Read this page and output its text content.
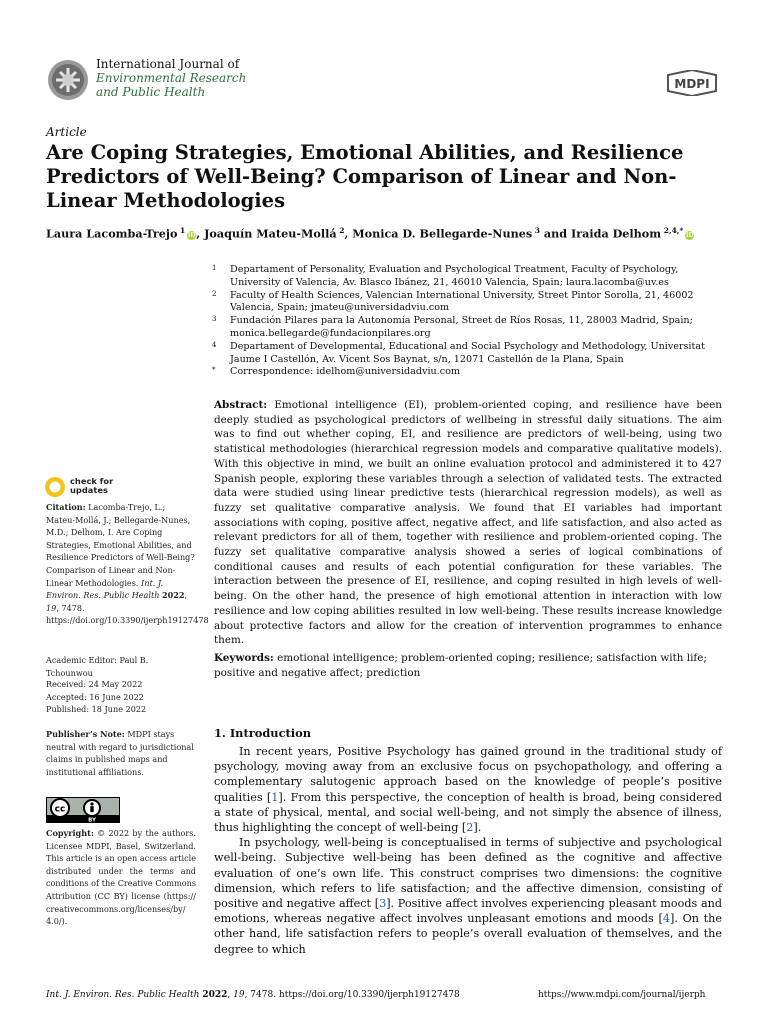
International Journal of
Environmental Research
and Public Health
MDPI
Article
Are Coping Strategies, Emotional Abilities, and Resilience Predictors of Well-Being? Comparison of Linear and Non-Linear Methodologies
Laura Lacomba-Trejo $^1$iD, Joaquín Mateu-Mollá $^2$, Monica D. Bellegarde-Nunes $^3$ and Iraida Delhom $^{2,4,*}$iD
1 Departament of Personality, Evaluation and Psychological Treatment, Faculty of Psychology, University of Valencia, Av. Blasco Ibánez, 21, 46010 Valencia, Spain; laura.lacomba@uv.es
2 Faculty of Health Sciences, Valencian International University, Street Pintor Sorolla, 21, 46002 Valencia, Spain; jmateu@universidadviu.com
3 Fundación Pilares para la Autonomía Personal, Street de Ríos Rosas, 11, 28003 Madrid, Spain; monica.bellegarde@fundacionpilares.org
4 Departament of Developmental, Educational and Social Psychology and Methodology, Universitat Jaume I Castellón, Av. Vicent Sos Baynat, s/n, 12071 Castellón de la Plana, Spain
* Correspondence: idelhom@universidadviu.com
Abstract: Emotional intelligence (EI), problem-oriented coping, and resilience have been deeply studied as psychological predictors of wellbeing in stressful daily situations. The aim was to find out whether coping, EI, and resilience are predictors of well-being, using two statistical methodologies (hierarchical regression models and comparative qualitative models). With this objective in mind, we built an online evaluation protocol and administered it to 427 Spanish people, exploring these variables through a selection of validated tests. The extracted data were studied using linear predictive tests (hierarchical regression models), as well as fuzzy set qualitative comparative analysis. We found that EI variables had important associations with coping, positive affect, negative affect, and life satisfaction, and also acted as relevant predictors for all of them, together with resilience and problem-oriented coping. The fuzzy set qualitative comparative analysis showed a series of logical combinations of conditional causes and results of each potential configuration for these variables. The interaction between the presence of EI, resilience, and coping resulted in high levels of well-being. On the other hand, the presence of high emotional attention in interaction with low resilience and low coping abilities resulted in low well-being. These results increase knowledge about protective factors and allow for the creation of intervention programmes to enhance them.
Keywords: emotional intelligence; problem-oriented coping; resilience; satisfaction with life; positive and negative affect; prediction
1. Introduction

In recent years, Positive Psychology has gained ground in the traditional study of psychology, moving away from an exclusive focus on psychopathology, and offering a complementary salutogenic approach based on the knowledge of people’s positive qualities [1]. From this perspective, the conception of health is broad, being considered a state of physical, mental, and social well-being, and not simply the absence of illness, thus highlighting the concept of well-being [2].

In psychology, well-being is conceptualised in terms of subjective and psychological well-being. Subjective well-being has been defined as the cognitive and affective evaluation of one’s own life. This construct comprises two dimensions: the cognitive dimension, which refers to life satisfaction; and the affective dimension, consisting of positive and negative affect [3]. Positive affect involves experiencing pleasant moods and emotions, whereas negative affect involves unpleasant emotions and moods [4]. On the other hand, life satisfaction refers to people’s overall evaluation of themselves, and the degree to which

check for
updates
Citation: Lacomba-Trejo, L.; Mateu-Mollá, J.; Bellegarde-Nunes, M.D.; Delhom, I. Are Coping Strategies, Emotional Abilities, and Resilience Predictors of Well-Being? Comparison of Linear and Non-Linear Methodologies. Int. J. Environ. Res. Public Health 2022, 19, 7478. https://doi.org/10.3390/ijerph19127478
Academic Editor: Paul B. Tchounwou
Received: 24 May 2022
Accepted: 16 June 2022
Published: 18 June 2022
Publisher’s Note: MDPI stays neutral with regard to jurisdictional claims in published maps and institutional affiliations.
cc
BY
Copyright: © 2022 by the authors. Licensee MDPI, Basel, Switzerland. This article is an open access article distributed under the terms and conditions of the Creative Commons Attribution (CC BY) license (https:// creativecommons.org/licenses/by/ 4.0/).
Int. J. Environ. Res. Public Health 2022, 19, 7478. https://doi.org/10.3390/ijerph19127478	https://www.mdpi.com/journal/ijerph
